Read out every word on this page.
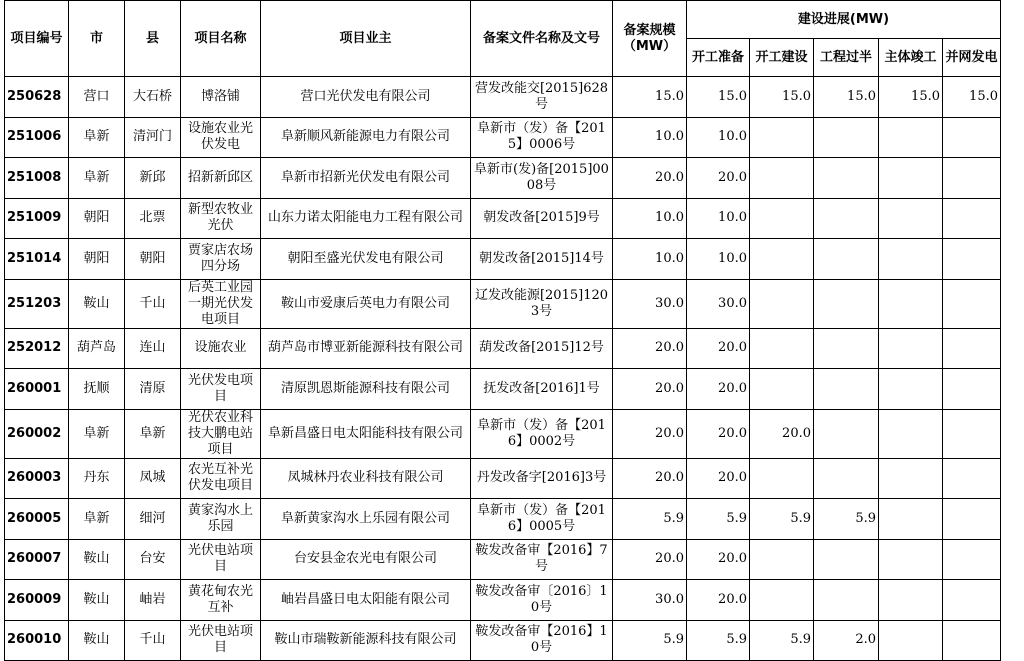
项目编号	市	县	项目名称	项目业主	备案文件名称及文号	备案规模（MW）	建设进展(MW)				
							开工准备	开工建设	工程过半	主体竣工	并网发电
250628	营口	大石桥	博洛铺	营口光伏发电有限公司	营发改能交[2015]628号	15.0	15.0	15.0	15.0	15.0	15.0
251006	阜新	清河门	设施农业光伏发电	阜新顺风新能源电力有限公司	阜新市（发）备【2015】0006号	10.0	10.0				
251008	阜新	新邱	招新新邱区	阜新市招新光伏发电有限公司	阜新市(发)备[2015]0008号	20.0	20.0				
251009	朝阳	北票	新型农牧业光伏	山东力诺太阳能电力工程有限公司	朝发改备[2015]9号	10.0	10.0				
251014	朝阳	朝阳	贾家店农场四分场	朝阳至盛光伏发电有限公司	朝发改备[2015]14号	10.0	10.0				
251203	鞍山	千山	后英工业园一期光伏发电项目	鞍山市爱康后英电力有限公司	辽发改能源[2015]1203号	30.0	30.0				
252012	葫芦岛	连山	设施农业	葫芦岛市博亚新能源科技有限公司	葫发改备[2015]12号	20.0	20.0				
260001	抚顺	清原	光伏发电项目	清原凯恩斯能源科技有限公司	抚发改备[2016]1号	20.0	20.0				
260002	阜新	阜新	光伏农业科技大鹏电站项目	阜新昌盛日电太阳能科技有限公司	阜新市（发）备【2016】0002号	20.0	20.0	20.0			
260003	丹东	凤城	农光互补光伏发电项目	凤城林丹农业科技有限公司	丹发改备字[2016]3号	20.0	20.0				
260005	阜新	细河	黄家沟水上乐园	阜新黄家沟水上乐园有限公司	阜新市（发）备【2016】0005号	5.9	5.9	5.9	5.9		
260007	鞍山	台安	光伏电站项目	台安县金农光电有限公司	鞍发改备审【2016】7号	20.0	20.0				
260009	鞍山	岫岩	黄花甸农光互补	岫岩昌盛日电太阳能有限公司	鞍发改备审〔2016〕10号	30.0	20.0				
260010	鞍山	千山	光伏电站项目	鞍山市瑞鞍新能源科技有限公司	鞍发改备审【2016】10号	5.9	5.9	5.9	2.0		
